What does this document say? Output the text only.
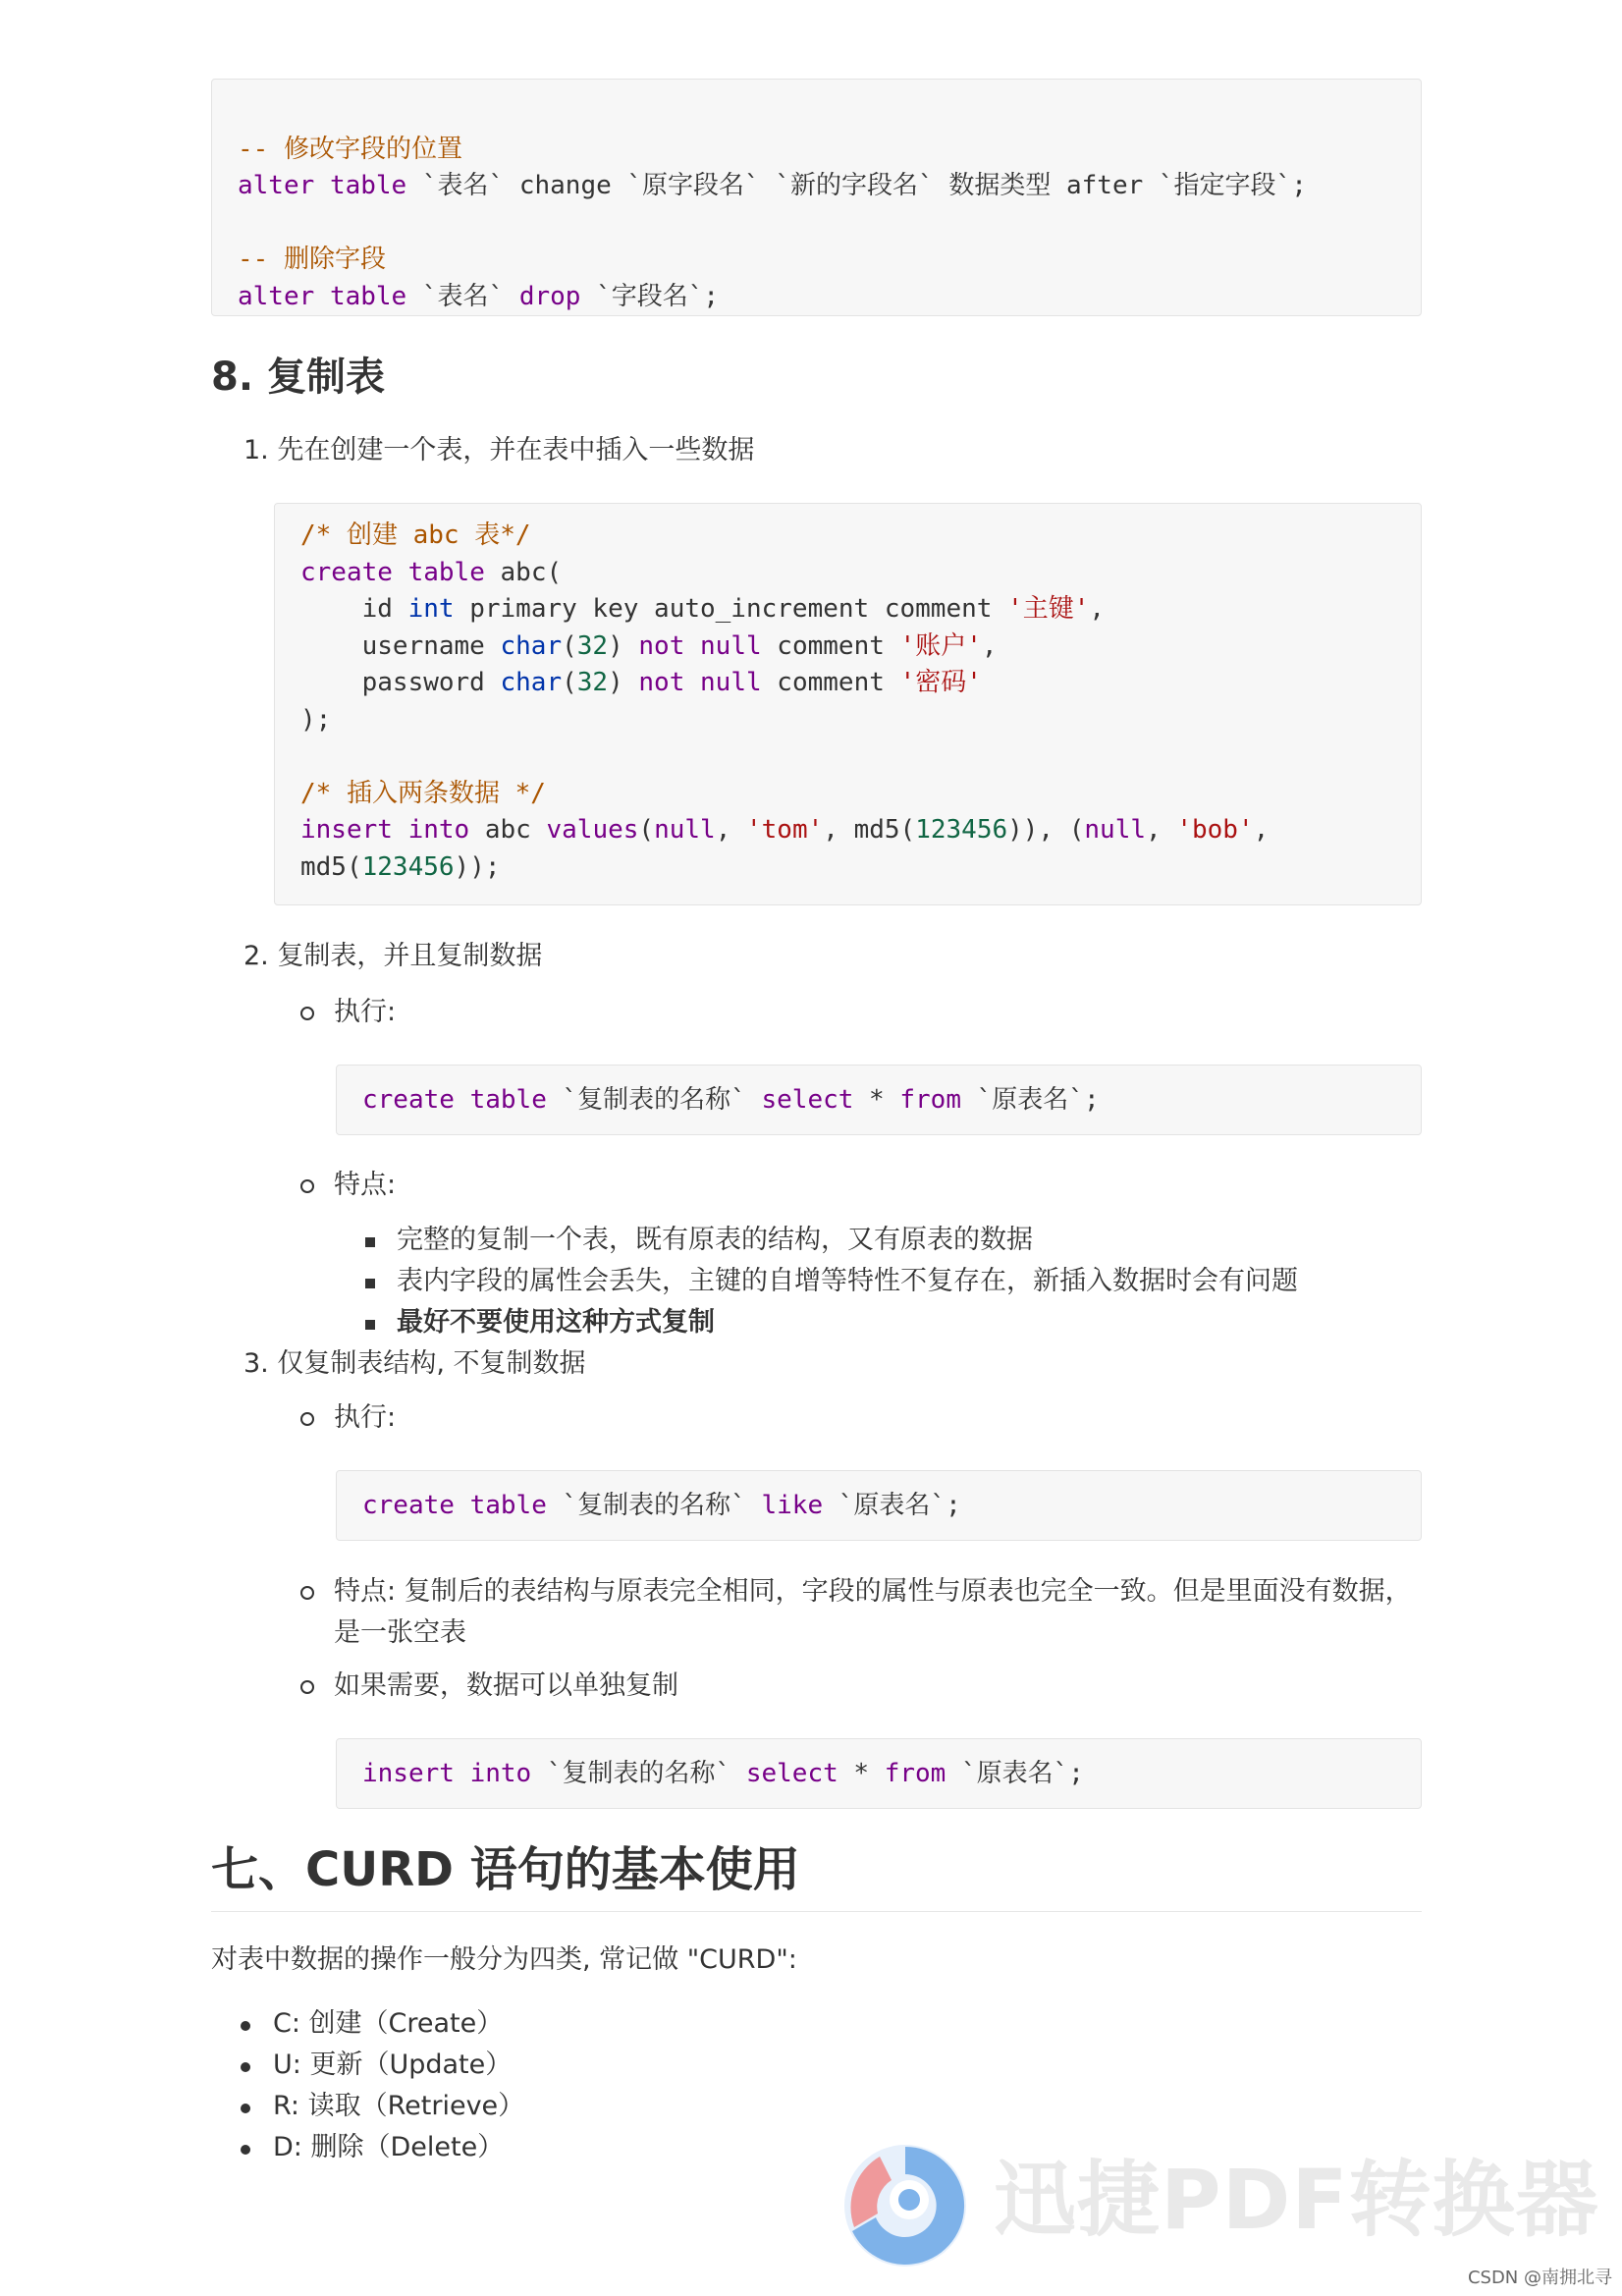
-- 修改字段的位置
alter table `表名` change `原字段名` `新的字段名` 数据类型 after `指定字段`;
-- 删除字段
alter table `表名` drop `字段名`;
8. 复制表
1. 先在创建一个表，并在表中插入一些数据
/* 创建 abc 表*/
create table abc(
id int primary key auto_increment comment '主键',
username char(32) not null comment '账户',
password char(32) not null comment '密码'
);
/* 插入两条数据 */
insert into abc values(null, 'tom', md5(123456)), (null, 'bob',
md5(123456));
2. 复制表，并且复制数据
执行:
create table `复制表的名称` select * from `原表名`;
特点:
完整的复制一个表，既有原表的结构，又有原表的数据
表内字段的属性会丢失，主键的自增等特性不复存在，新插入数据时会有问题
最好不要使用这种方式复制
3. 仅复制表结构, 不复制数据
执行:
create table `复制表的名称` like `原表名`;
特点: 复制后的表结构与原表完全相同，字段的属性与原表也完全一致。但是里面没有数据，
是一张空表
如果需要，数据可以单独复制
insert into `复制表的名称` select * from `原表名`;
七、CURD 语句的基本使用
对表中数据的操作一般分为四类, 常记做 "CURD":
C: 创建（Create）
U: 更新（Update）
R: 读取（Retrieve）
D: 删除（Delete）
迅捷PDF转换器
CSDN @南拥北寻
